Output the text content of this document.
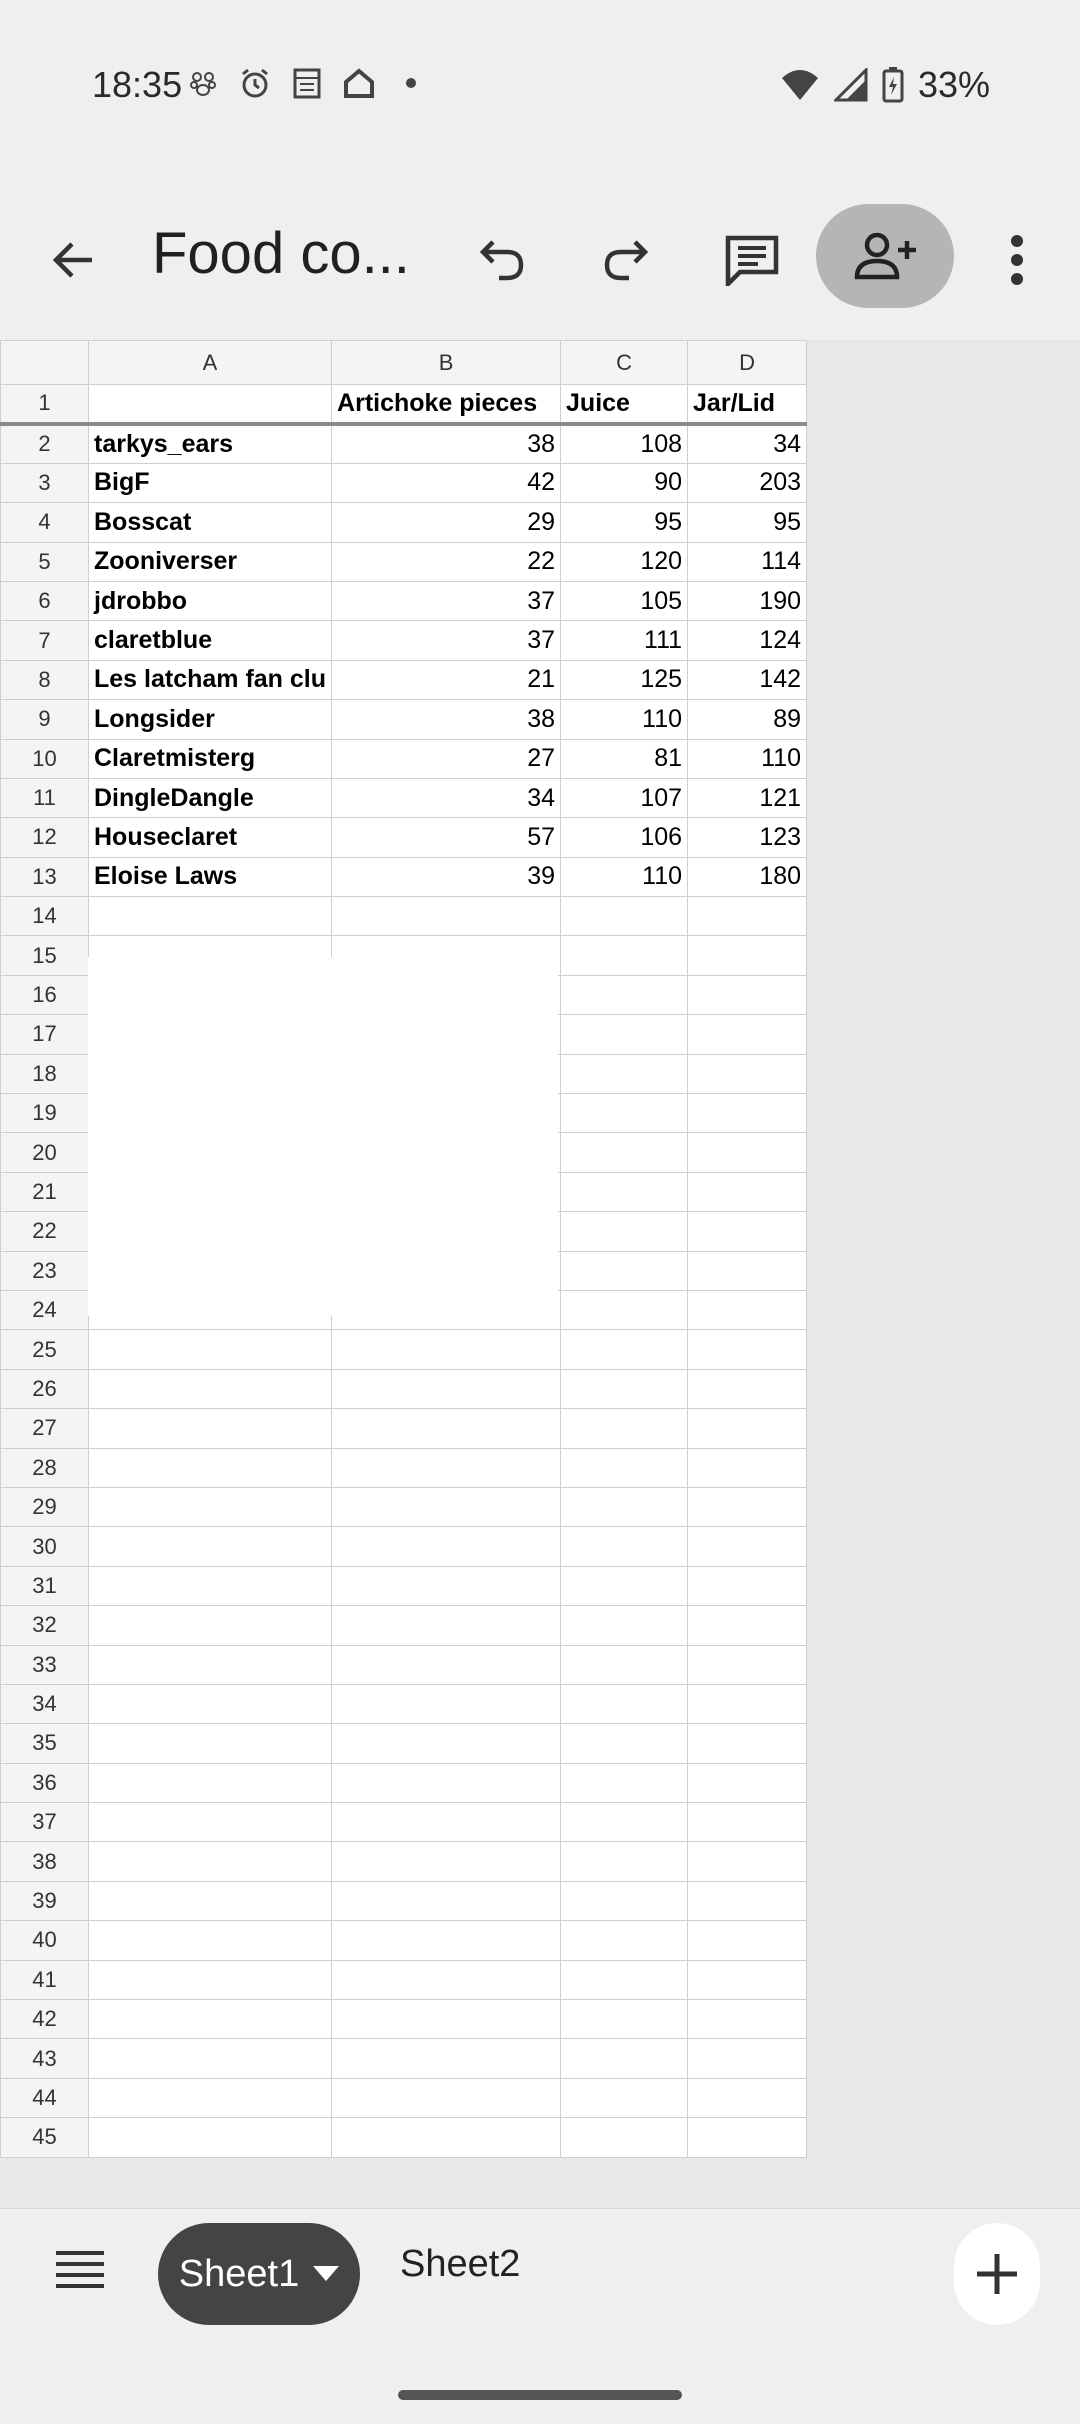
18:35	33%
Food co...
	A	B	C	D
1		Artichoke pieces	Juice	Jar/Lid
2	tarkys_ears	38	108	34
3	BigF	42	90	203
4	Bosscat	29	95	95
5	Zooniverser	22	120	114
6	jdrobbo	37	105	190
7	claretblue	37	111	124
8	Les latcham fan clu	21	125	142
9	Longsider	38	110	89
10	Claretmisterg	27	81	110
11	DingleDangle	34	107	121
12	Houseclaret	57	106	123
13	Eloise Laws	39	110	180
14				
15				
16				
17				
18				
19				
20				
21				
22				
23				
24				
25				
26				
27				
28				
29				
30				
31				
32				
33				
34				
35				
36				
37				
38				
39				
40				
41				
42				
43				
44				
45				
Sheet1	Sheet2
